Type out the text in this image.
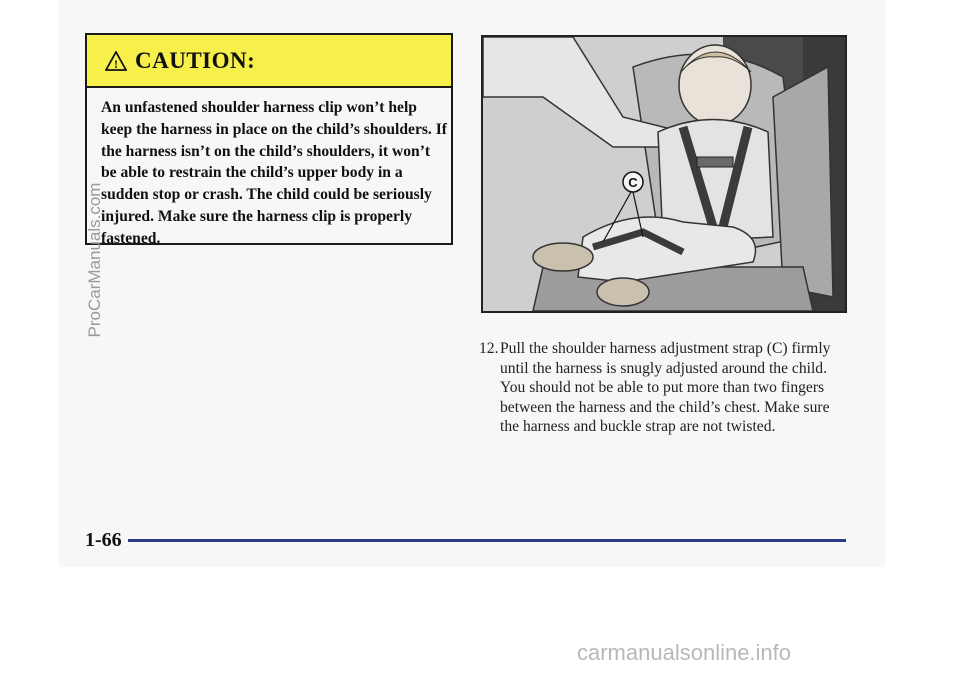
! CAUTION:

An unfastened shoulder harness clip won’t help keep the harness in place on the child’s shoulders. If the harness isn’t on the child’s shoulders, it won’t be able to restrain the child’s upper body in a sudden stop or crash. The child could be seriously injured. Make sure the harness clip is properly fastened.

C
12. Pull the shoulder harness adjustment strap (C) firmly until the harness is snugly adjusted around the child. You should not be able to put more than two fingers between the harness and the child’s chest. Make sure the harness and buckle strap are not twisted.
1-66
ProCarManuals.com
carmanualsonline.info
